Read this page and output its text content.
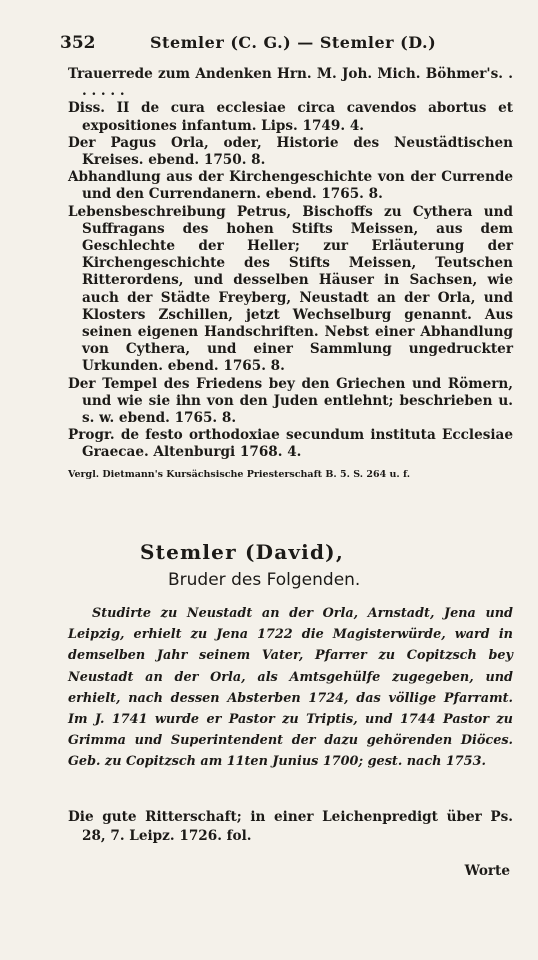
352	Stemler (C. G.) — Stemler (D.)

Trauerrede zum Andenken Hrn. M. Joh. Mich. Böhmer's. . . . . . .

Diss. II de cura ecclesiae circa cavendos abortus et expositiones infantum. Lips. 1749. 4.

Der Pagus Orla, oder, Historie des Neustädtischen Kreises. ebend. 1750. 8.

Abhandlung aus der Kirchengeschichte von der Currende und den Currendanern. ebend. 1765. 8.

Lebensbeschreibung Petrus, Bischoffs zu Cythera und Suffragans des hohen Stifts Meissen, aus dem Geschlechte der Heller; zur Erläuterung der Kirchengeschichte des Stifts Meissen, Teutschen Ritterordens, und desselben Häuser in Sachsen, wie auch der Städte Freyberg, Neustadt an der Orla, und Klosters Zschillen, jetzt Wechselburg genannt. Aus seinen eigenen Handschriften. Nebst einer Abhandlung von Cythera, und einer Sammlung ungedruckter Urkunden. ebend. 1765. 8.

Der Tempel des Friedens bey den Griechen und Römern, und wie sie ihn von den Juden entlehnt; beschrieben u. s. w. ebend. 1765. 8.

Progr. de festo orthodoxiae secundum instituta Ecclesiae Graecae. Altenburgi 1768. 4.

Vergl. Dietmann's Kursächsische Priesterschaft B. 5. S. 264 u. f.

Stemler (David),
Bruder des Folgenden.

Studirte zu Neustadt an der Orla, Arnstadt, Jena und Leipzig, erhielt zu Jena 1722 die Magisterwürde, ward in demselben Jahr seinem Vater, Pfarrer zu Copitzsch bey Neustadt an der Orla, als Amtsgehülfe zugegeben, und erhielt, nach dessen Absterben 1724, das völlige Pfarramt. Im J. 1741 wurde er Pastor zu Triptis, und 1744 Pastor zu Grimma und Superintendent der dazu gehörenden Diöces. Geb. zu Copitzsch am 11ten Junius 1700; gest. nach 1753.

Die gute Ritterschaft; in einer Leichenpredigt über Ps. 28, 7. Leipz. 1726. fol.

Worte
